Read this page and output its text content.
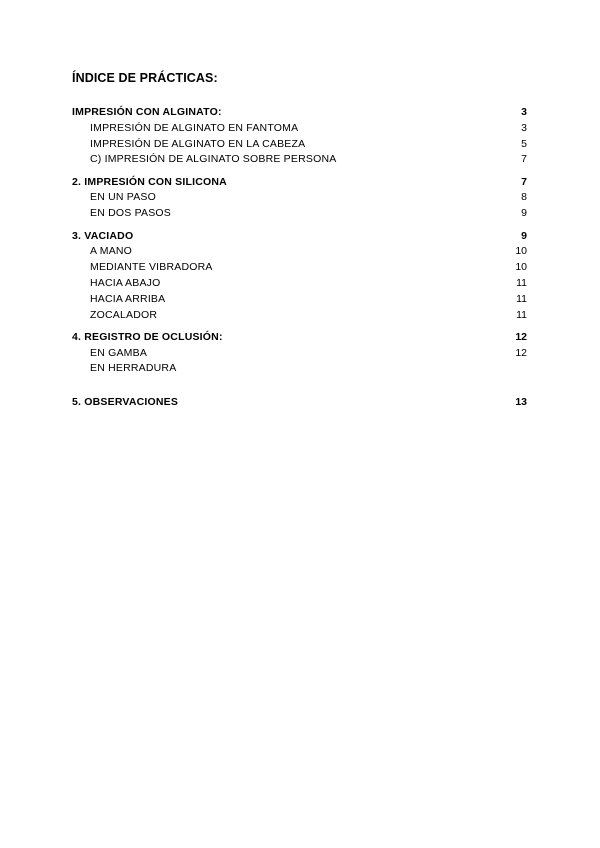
ÍNDICE DE PRÁCTICAS:
IMPRESIÓN CON ALGINATO:	3
IMPRESIÓN DE ALGINATO EN FANTOMA	3
IMPRESIÓN DE ALGINATO EN LA CABEZA	5
C) IMPRESIÓN DE ALGINATO SOBRE PERSONA	7
2. IMPRESIÓN CON SILICONA	7
EN UN PASO	8
EN DOS PASOS	9
3. VACIADO	9
A MANO	10
MEDIANTE VIBRADORA	10
HACIA ABAJO	11
HACIA ARRIBA	11
ZOCALADOR	11
4. REGISTRO DE OCLUSIÓN:	12
EN GAMBA	12
EN HERRADURA
5. OBSERVACIONES	13
